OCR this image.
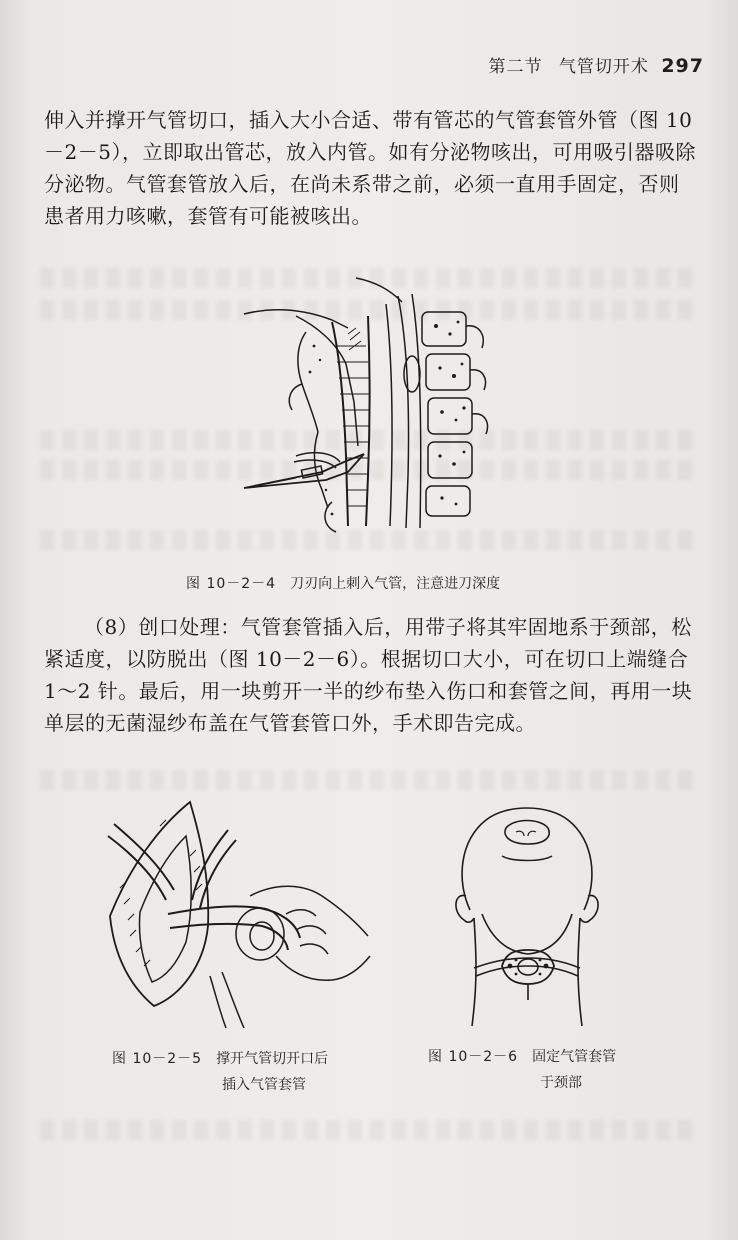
第二节 气管切开术 297

伸入并撑开气管切口，插入大小合适、带有管芯的气管套管外管（图 10－2－5），立即取出管芯，放入内管。如有分泌物咳出，可用吸引器吸除分泌物。气管套管放入后，在尚未系带之前，必须一直用手固定，否则患者用力咳嗽，套管有可能被咳出。

图 10－2－4 刀刃向上刺入气管，注意进刀深度

（8）创口处理：气管套管插入后，用带子将其牢固地系于颈部，松紧适度，以防脱出（图 10－2－6）。根据切口大小，可在切口上端缝合 1～2 针。最后，用一块剪开一半的纱布垫入伤口和套管之间，再用一块单层的无菌湿纱布盖在气管套管口外，手术即告完成。

图 10－2－5 撑开气管切开口后
插入气管套管
图 10－2－6 固定气管套管
于颈部
